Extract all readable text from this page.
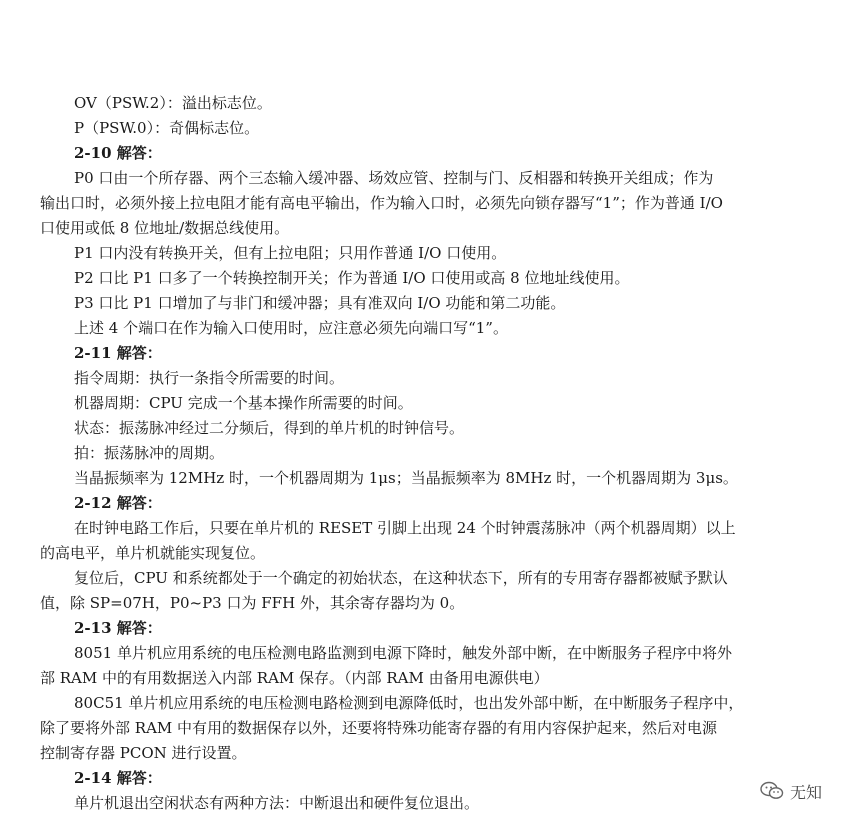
OV（PSW.2）：溢出标志位。
P（PSW.0）：奇偶标志位。
2-10 解答：
P0 口由一个所存器、两个三态输入缓冲器、场效应管、控制与门、反相器和转换开关组成；作为
输出口时，必须外接上拉电阻才能有高电平输出，作为输入口时，必须先向锁存器写“1”；作为普通 I/O
口使用或低 8 位地址/数据总线使用。
P1 口内没有转换开关，但有上拉电阻；只用作普通 I/O 口使用。
P2 口比 P1 口多了一个转换控制开关；作为普通 I/O 口使用或高 8 位地址线使用。
P3 口比 P1 口增加了与非门和缓冲器；具有准双向 I/O 功能和第二功能。
上述 4 个端口在作为输入口使用时，应注意必须先向端口写“1”。
2-11 解答：
指令周期：执行一条指令所需要的时间。
机器周期：CPU 完成一个基本操作所需要的时间。
状态：振荡脉冲经过二分频后，得到的单片机的时钟信号。
拍：振荡脉冲的周期。
当晶振频率为 12MHz 时，一个机器周期为 1μs；当晶振频率为 8MHz 时，一个机器周期为 3μs。
2-12 解答：
在时钟电路工作后，只要在单片机的 RESET 引脚上出现 24 个时钟震荡脉冲（两个机器周期）以上
的高电平，单片机就能实现复位。
复位后，CPU 和系统都处于一个确定的初始状态，在这种状态下，所有的专用寄存器都被赋予默认
值，除 SP=07H，P0~P3 口为 FFH 外，其余寄存器均为 0。
2-13 解答：
8051 单片机应用系统的电压检测电路监测到电源下降时，触发外部中断，在中断服务子程序中将外
部 RAM 中的有用数据送入内部 RAM 保存。（内部 RAM 由备用电源供电）
80C51 单片机应用系统的电压检测电路检测到电源降低时，也出发外部中断，在中断服务子程序中，
除了要将外部 RAM 中有用的数据保存以外，还要将特殊功能寄存器的有用内容保护起来，然后对电源
控制寄存器 PCON 进行设置。
2-14 解答：
单片机退出空闲状态有两种方法：中断退出和硬件复位退出。
无知
